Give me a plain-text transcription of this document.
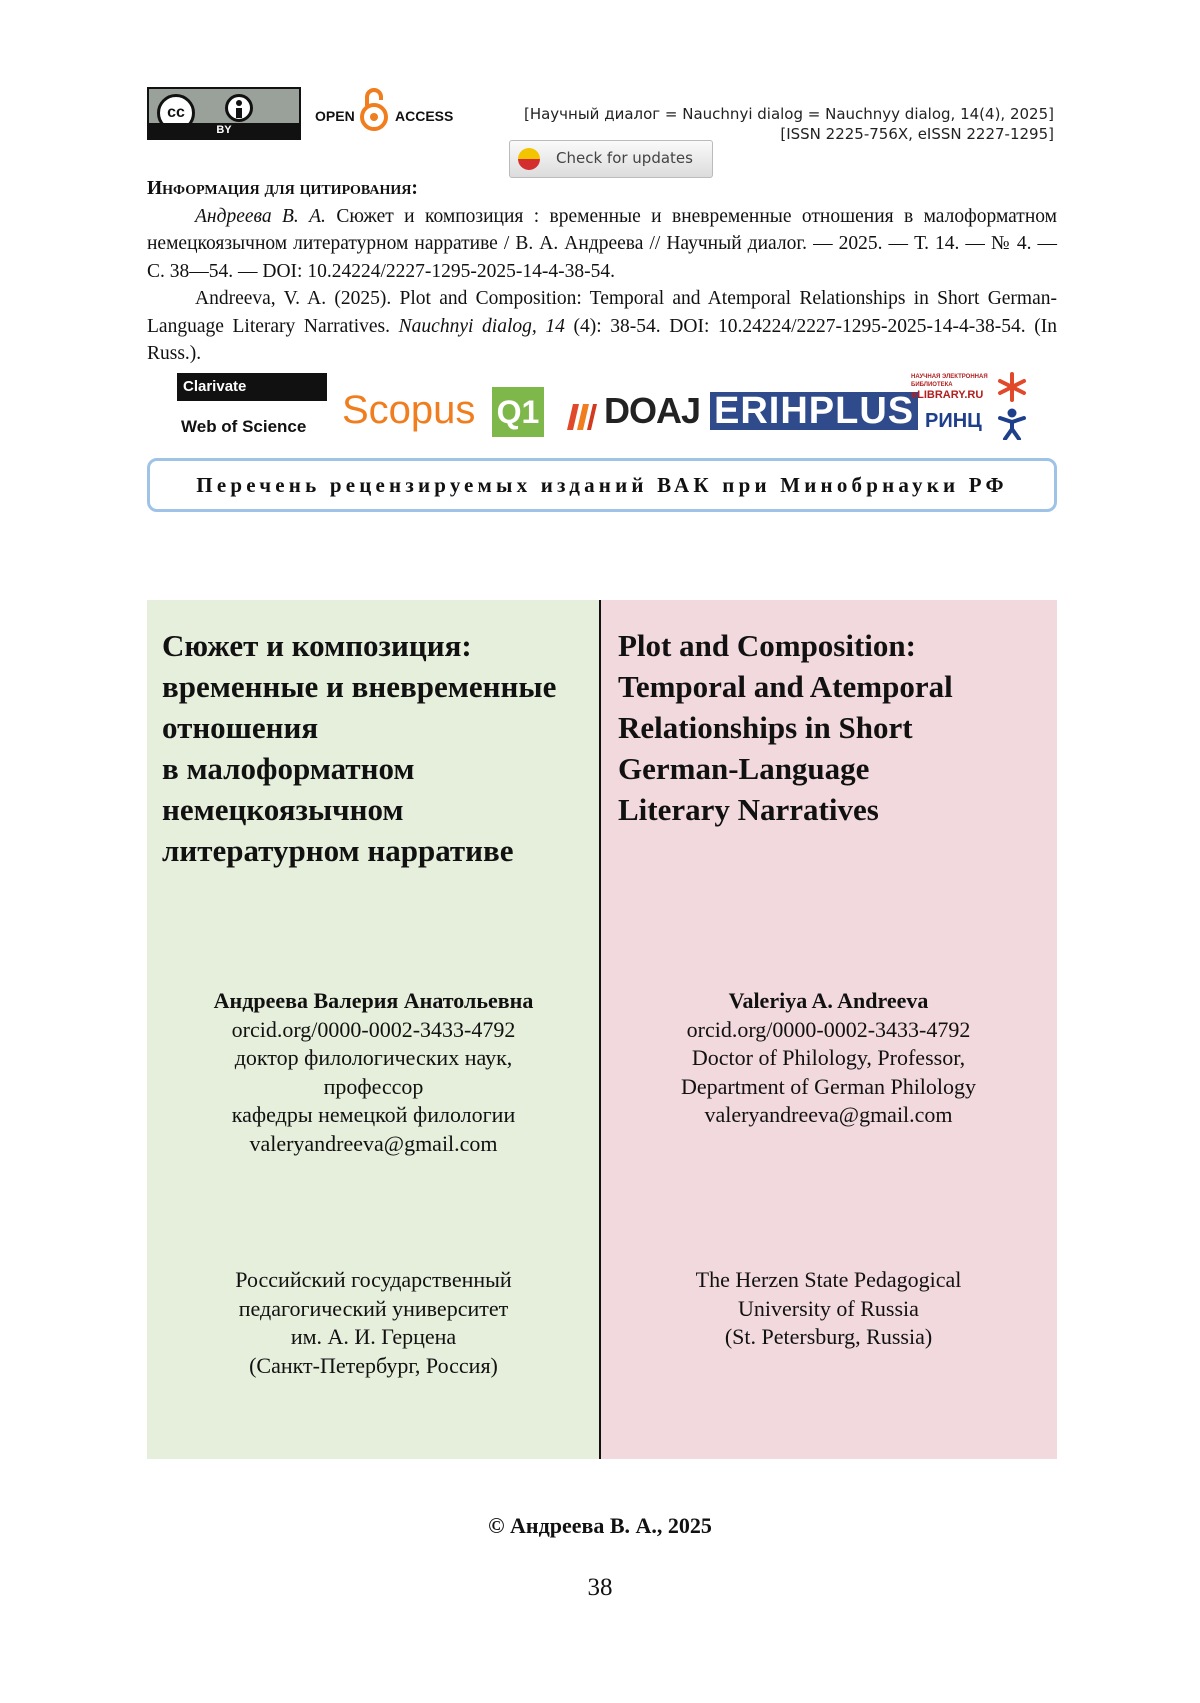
cc
BY
OPEN	ACCESS	[Научный диалог = Nauchnyi dialog = Nauchnyy dialog, 14(4), 2025]
[ISSN 2225-756X, eISSN 2227-1295]
Check for updates
Информация для цитирования:

Андреева В. А. Сюжет и композиция : временные и вневременные отношения в малоформатном немецкоязычном литературном нарративе / В. А. Андреева // Научный диалог. — 2025. — Т. 14. — № 4. — С. 38—54. — DOI: 10.24224/2227-1295-2025-14-4-38-54.

Andreeva, V. A. (2025). Plot and Composition: Temporal and Atemporal Relationships in Short German-Language Literary Narratives. Nauchnyi dialog, 14 (4): 38-54. DOI: 10.24224/2227-1295-2025-14-4-38-54. (In Russ.).

Clarivate
Web of Science Scopus Q1 DOAJ ERIHPLUS
НАУЧНАЯ ЭЛЕКТРОННАЯ БИБЛИОТЕКА
eLIBRARY.RU
РИНЦ
Перечень рецензируемых изданий ВАК при Минобрнауки РФ
Сюжет и композиция:
временные и вневременные
отношения
в малоформатном
немецкоязычном
литературном нарративе
Plot and Composition:
Temporal and Atemporal
Relationships in Short
German-Language
Literary Narratives
Андреева Валерия Анатольевна
orcid.org/0000-0002-3433-4792
доктор филологических наук,
профессор
кафедры немецкой филологии
valeryandreeva@gmail.com
Valeriya A. Andreeva
orcid.org/0000-0002-3433-4792
Doctor of Philology, Professor,
Department of German Philology
valeryandreeva@gmail.com
Российский государственный
педагогический университет
им. А. И. Герцена
(Санкт-Петербург, Россия)
The Herzen State Pedagogical
University of Russia
(St. Petersburg, Russia)
© Андреева В. А., 2025
38
